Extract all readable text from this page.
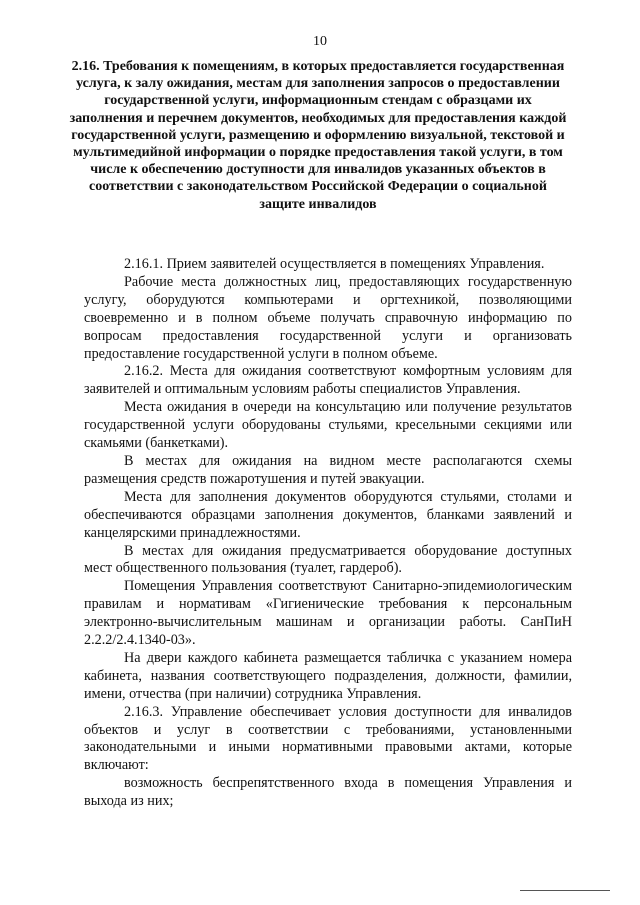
10
2.16. Требования к помещениям, в которых предоставляется государственная услуга, к залу ожидания, местам для заполнения запросов о предоставлении государственной услуги, информационным стендам с образцами их заполнения и перечнем документов, необходимых для предоставления каждой государственной услуги, размещению и оформлению визуальной, текстовой и мультимедийной информации о порядке предоставления такой услуги, в том числе к обеспечению доступности для инвалидов указанных объектов в соответствии с законодательством Российской Федерации о социальной защите инвалидов

2.16.1. Прием заявителей осуществляется в помещениях Управления.

Рабочие места должностных лиц, предоставляющих государственную услугу, оборудуются компьютерами и оргтехникой, позволяющими своевременно и в полном объеме получать справочную информацию по вопросам предоставления государственной услуги и организовать предоставление государственной услуги в полном объеме.

2.16.2. Места для ожидания соответствуют комфортным условиям для заявителей и оптимальным условиям работы специалистов Управления.

Места ожидания в очереди на консультацию или получение результатов государственной услуги оборудованы стульями, кресельными секциями или скамьями (банкетками).

В местах для ожидания на видном месте располагаются схемы размещения средств пожаротушения и путей эвакуации.

Места для заполнения документов оборудуются стульями, столами и обеспечиваются образцами заполнения документов, бланками заявлений и канцелярскими принадлежностями.

В местах для ожидания предусматривается оборудование доступных мест общественного пользования (туалет, гардероб).

Помещения Управления соответствуют Санитарно-эпидемиологическим правилам и нормативам «Гигиенические требования к персональным электронно-вычислительным машинам и организации работы. СанПиН 2.2.2/2.4.1340-03».

На двери каждого кабинета размещается табличка с указанием номера кабинета, названия соответствующего подразделения, должности, фамилии, имени, отчества (при наличии) сотрудника Управления.

2.16.3. Управление обеспечивает условия доступности для инвалидов объектов и услуг в соответствии с требованиями, установленными законодательными и иными нормативными правовыми актами, которые включают:

возможность беспрепятственного входа в помещения Управления и выхода из них;
